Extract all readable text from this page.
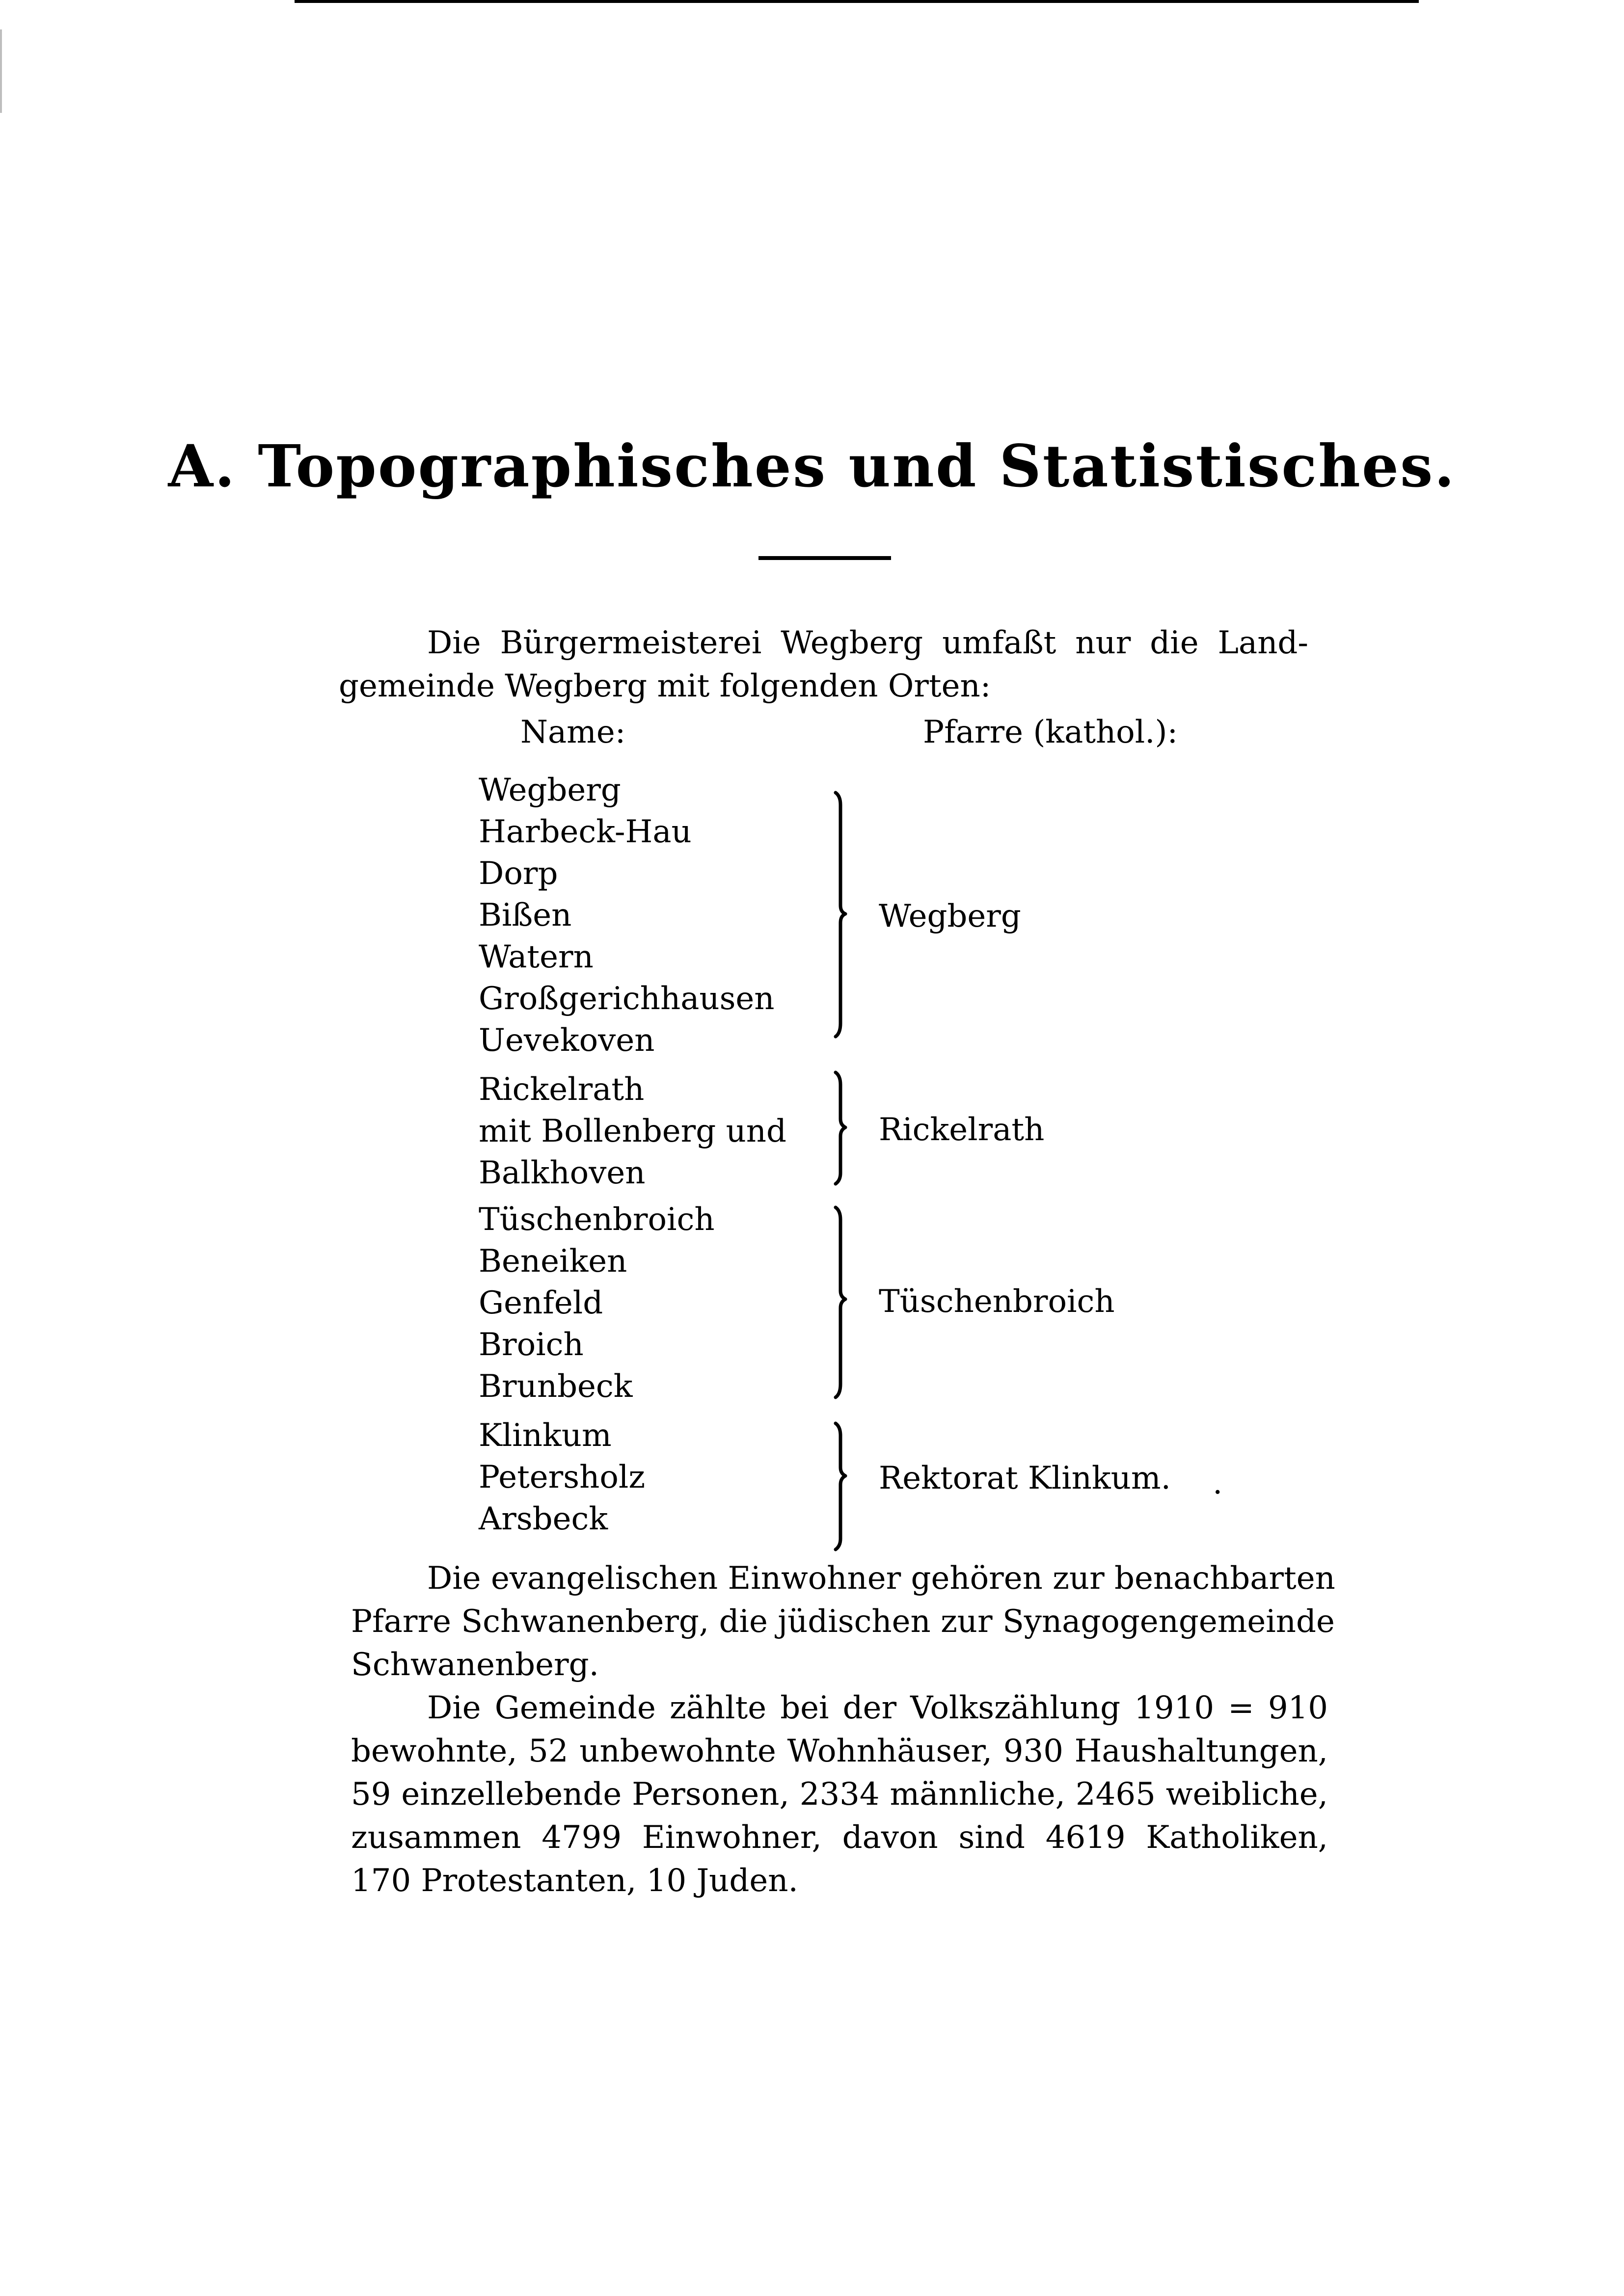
A. Topographisches und Statistisches.
Die Bürgermeisterei Wegberg umfaßt nur die Land-
gemeinde Wegberg mit folgenden Orten:
Name:	Pfarre (kathol.):
Wegberg
Harbeck-Hau
Dorp
Bißen
Watern
Großgerichhausen
Uevekoven
Wegberg
Rickelrath
mit Bollenberg und
Balkhoven
Rickelrath
Tüschenbroich
Beneiken
Genfeld
Broich
Brunbeck
Tüschenbroich
Klinkum
Petersholz
Arsbeck
Rektorat Klinkum. .
Die evangelischen Einwohner gehören zur benachbarten
Pfarre Schwanenberg, die jüdischen zur Synagogengemeinde
Schwanenberg.
Die Gemeinde zählte bei der Volkszählung 1910 = 910
bewohnte, 52 unbewohnte Wohnhäuser, 930 Haushaltungen,
59 einzellebende Personen, 2334 männliche, 2465 weibliche,
zusammen 4799 Einwohner, davon sind 4619 Katholiken,
170 Protestanten, 10 Juden.
